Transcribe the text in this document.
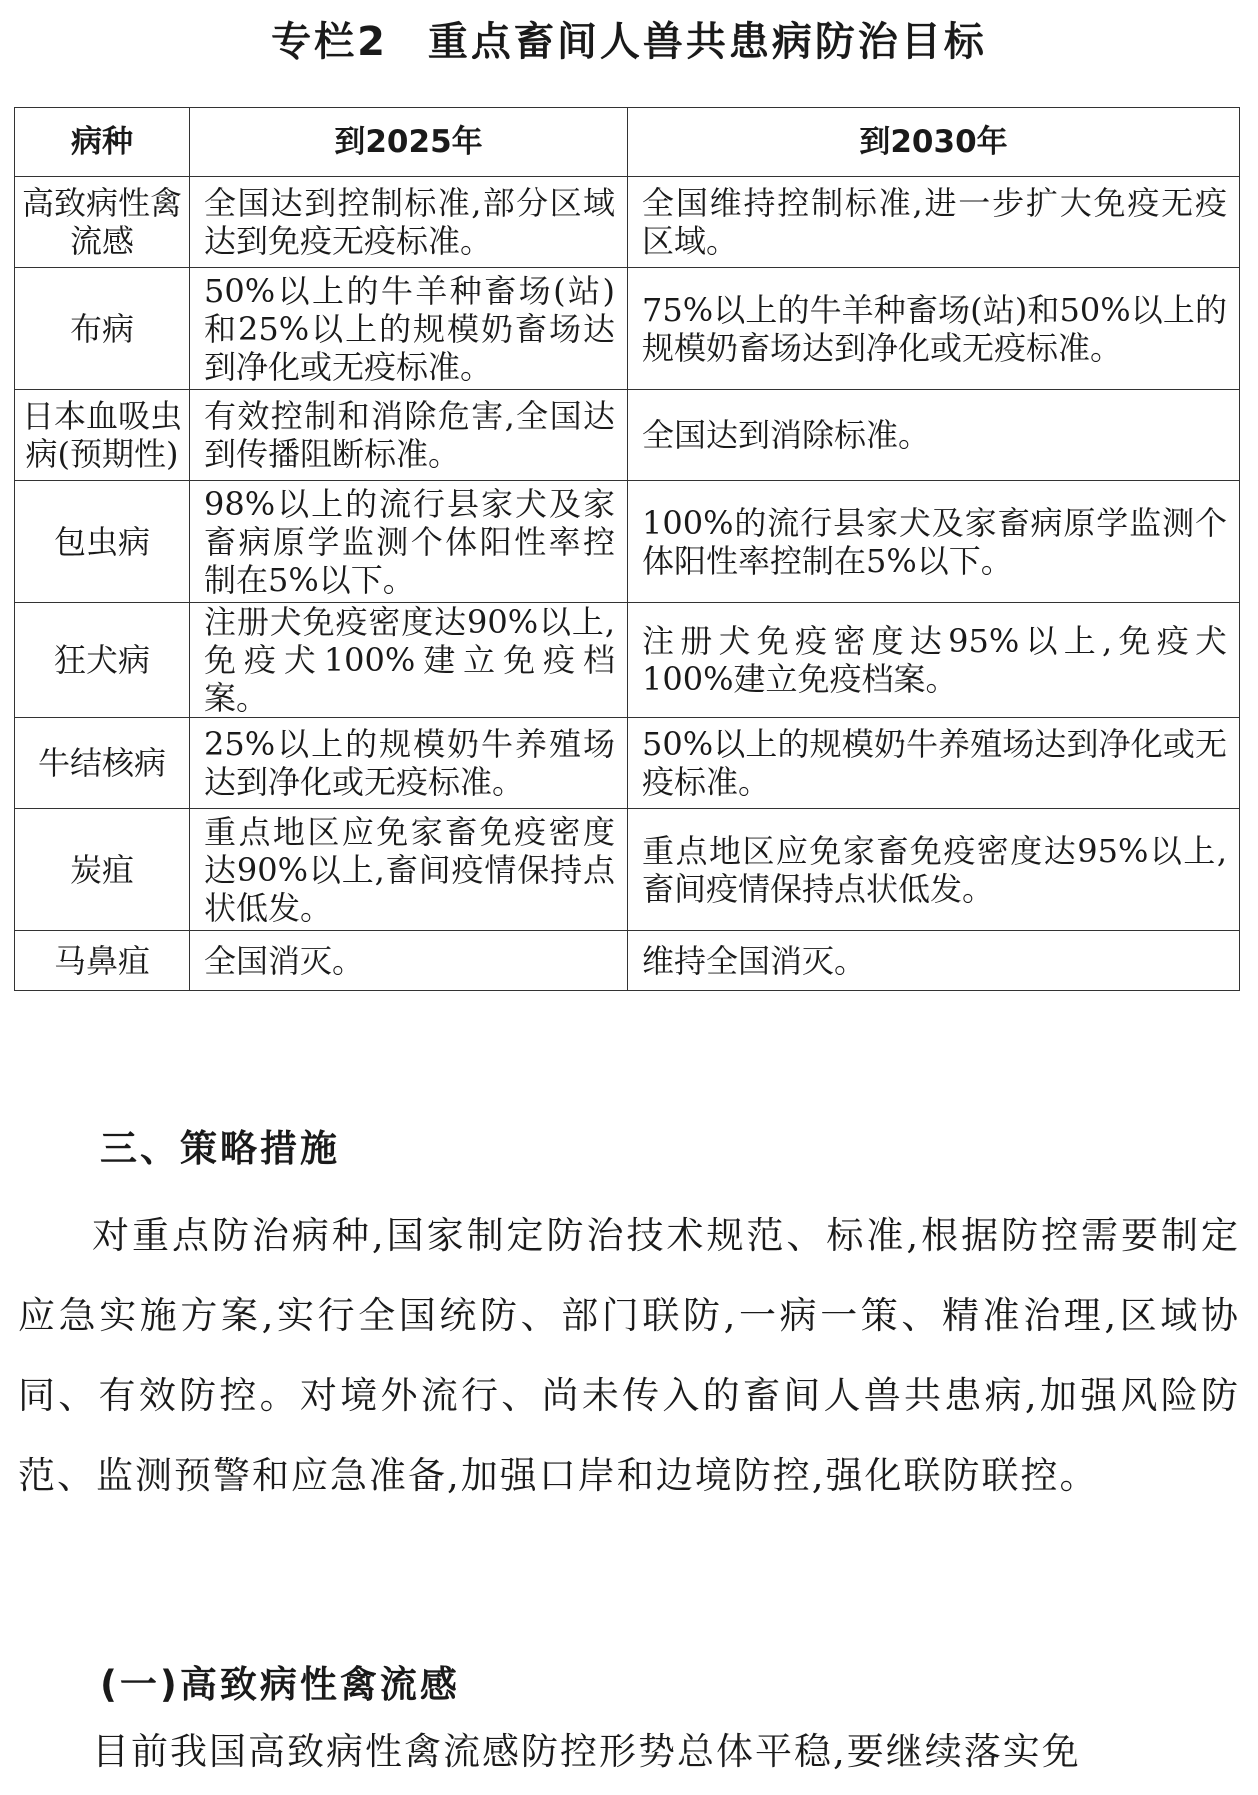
专栏2 重点畜间人兽共患病防治目标
病种	到2025年	到2030年
高致病性禽流感	全国达到控制标准,部分区域达到免疫无疫标准。	全国维持控制标准,进一步扩大免疫无疫区域。
布病	50%以上的牛羊种畜场(站)和25%以上的规模奶畜场达到净化或无疫标准。	75%以上的牛羊种畜场(站)和50%以上的规模奶畜场达到净化或无疫标准。
日本血吸虫病(预期性)	有效控制和消除危害,全国达到传播阻断标准。	全国达到消除标准。
包虫病	98%以上的流行县家犬及家畜病原学监测个体阳性率控制在5%以下。	100%的流行县家犬及家畜病原学监测个体阳性率控制在5%以下。
狂犬病	注册犬免疫密度达90%以上,免疫犬100%建立免疫档案。	注册犬免疫密度达95%以上,免疫犬100%建立免疫档案。
牛结核病	25%以上的规模奶牛养殖场达到净化或无疫标准。	50%以上的规模奶牛养殖场达到净化或无疫标准。
炭疽	重点地区应免家畜免疫密度达90%以上,畜间疫情保持点状低发。	重点地区应免家畜免疫密度达95%以上,畜间疫情保持点状低发。
马鼻疽	全国消灭。	维持全国消灭。
三、策略措施
对重点防治病种,国家制定防治技术规范、标准,根据防控需要制定应急实施方案,实行全国统防、部门联防,一病一策、精准治理,区域协同、有效防控。对境外流行、尚未传入的畜间人兽共患病,加强风险防范、监测预警和应急准备,加强口岸和边境防控,强化联防联控。
(一)高致病性禽流感
目前我国高致病性禽流感防控形势总体平稳,要继续落实免
